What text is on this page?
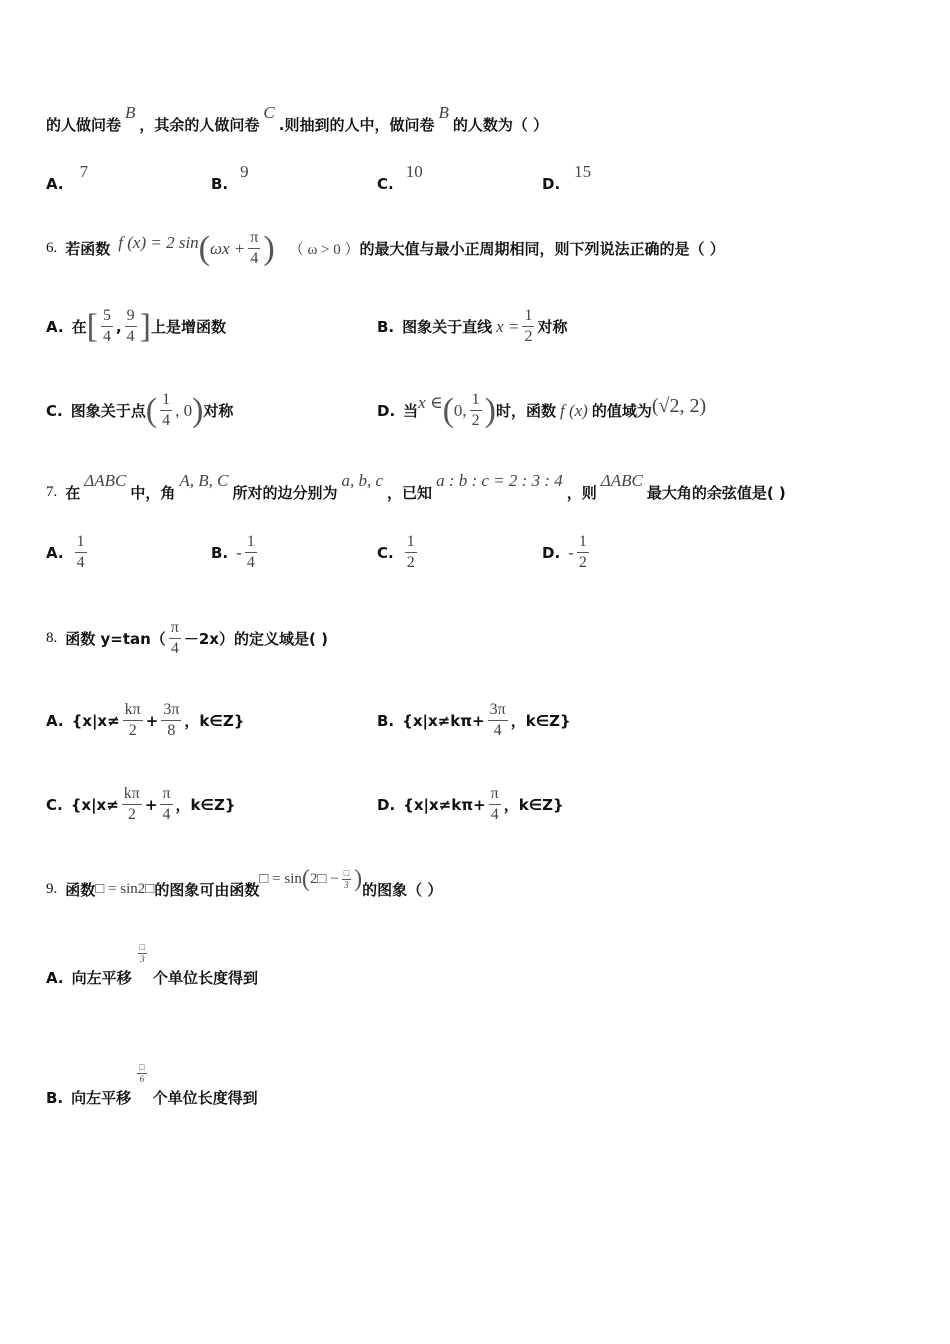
的人做问卷
B
，其余的人做问卷
C
.则抽到的人中，做问卷
B
的人数为（ ）
A.
7
B.
9
C.
10
D.
15
6. 若函数 f (x) = 2 sin ( $\omega x + \frac{\pi}{4}$ ) （ ω > 0 ） 的最大值与最小正周期相同，则下列说法正确的是（ ）
A. 在 [ $\frac{5}{4}$ , $\frac{9}{4}$ ] 上是增函数	B. 图象关于直线 $x = \frac{1}{2}$ 对称
C. 图象关于点 ( $\frac{1}{4}$ , 0 ) 对称	D. 当 x ∈ ( 0, $\frac{1}{2}$ ) 时，函数 f (x) 的值域为 (√2, 2)
7. 在
ΔABC
中，角
A, B, C
所对的边分别为
a, b, c
，已知
a : b : c = 2 : 3 : 4
，则
ΔABC
最大角的余弦值是( )
A. $\frac{1}{4}$	B. - $\frac{1}{4}$	C. $\frac{1}{2}$	D. - $\frac{1}{2}$
8. 函数 $y=\tan( \frac{\pi}{4} -2x)$的定义域是( )
A. {$x|x\ne \frac{k\pi}{2} + \frac{3\pi}{8}$ ，k∈Z}	B. {$x|x\ne k\pi+ \frac{3\pi}{4}$ ，k∈Z}
C. {$x|x\ne \frac{k\pi}{2} + \frac{\pi}{4}$ ，k∈Z}	D. {$x|x\ne k\pi+ \frac{\pi}{4}$ ，k∈Z}
9. 函数 □ = sin2□ 的图象可由函数
□ = sin ( 2□ − $\frac{□}{3}$ ) 的图象（ ）
A. 向左平移
$\frac{□}{3}$
个单位长度得到
B. 向左平移
$\frac{□}{6}$
个单位长度得到
